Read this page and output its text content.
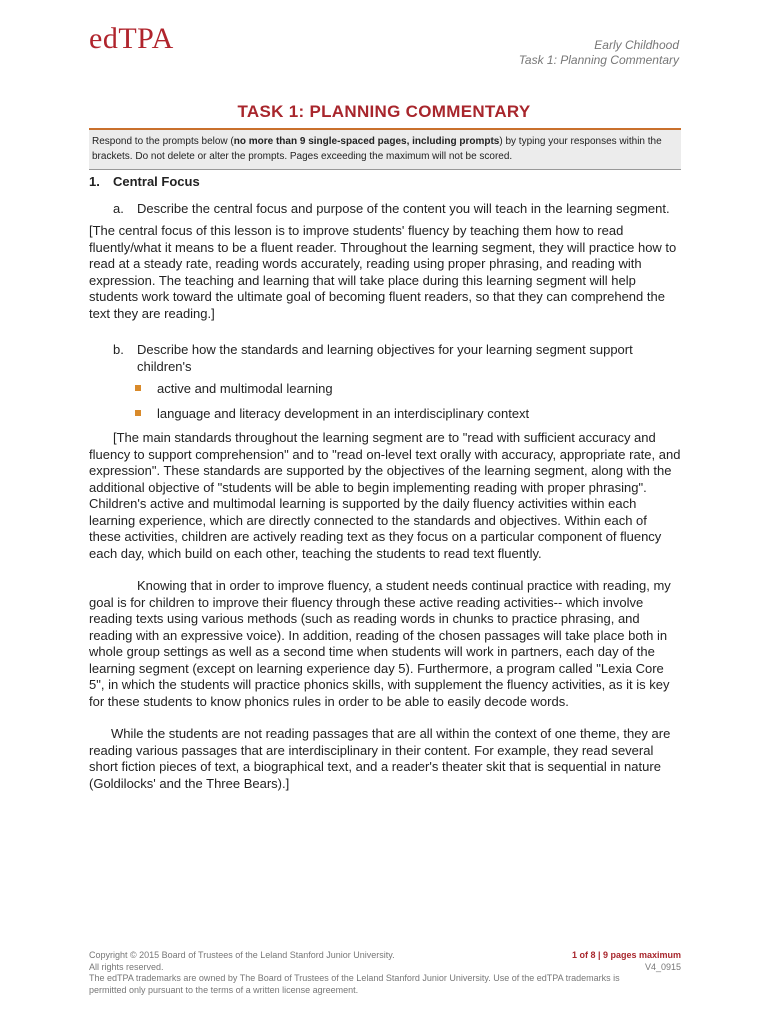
edTPA	Early Childhood
Task 1: Planning Commentary
TASK 1: PLANNING COMMENTARY
Respond to the prompts below (no more than 9 single-spaced pages, including prompts) by typing your responses within the brackets. Do not delete or alter the prompts. Pages exceeding the maximum will not be scored.
1. Central Focus
a. Describe the central focus and purpose of the content you will teach in the learning segment.
[The central focus of this lesson is to improve students' fluency by teaching them how to read fluently/what it means to be a fluent reader. Throughout the learning segment, they will practice how to read at a steady rate, reading words accurately, reading using proper phrasing, and reading with expression. The teaching and learning that will take place during this learning segment will help students work toward the ultimate goal of becoming fluent readers, so that they can comprehend the text they are reading.]
b. Describe how the standards and learning objectives for your learning segment support children's
active and multimodal learning
language and literacy development in an interdisciplinary context
[The main standards throughout the learning segment are to "read with sufficient accuracy and fluency to support comprehension" and to "read on-level text orally with accuracy, appropriate rate, and expression". These standards are supported by the objectives of the learning segment, along with the additional objective of "students will be able to begin implementing reading with proper phrasing". Children's active and multimodal learning is supported by the daily fluency activities within each learning experience, which are directly connected to the standards and objectives. Within each of these activities, children are actively reading text as they focus on a particular component of fluency each day, which build on each other, teaching the students to read text fluently.
Knowing that in order to improve fluency, a student needs continual practice with reading, my goal is for children to improve their fluency through these active reading activities-- which involve reading texts using various methods (such as reading words in chunks to practice phrasing, and reading with an expressive voice). In addition, reading of the chosen passages will take place both in whole group settings as well as a second time when students will work in partners, each day of the learning segment (except on learning experience day 5). Furthermore, a program called "Lexia Core 5", in which the students will practice phonics skills, with supplement the fluency activities, as it is key for these students to know phonics rules in order to be able to easily decode words.
While the students are not reading passages that are all within the context of one theme, they are reading various passages that are interdisciplinary in their content. For example, they read several short fiction pieces of text, a biographical text, and a reader's theater skit that is sequential in nature (Goldilocks' and the Three Bears).]
Copyright © 2015 Board of Trustees of the Leland Stanford Junior University.	1 of 8 | 9 pages maximum
All rights reserved.	V4_0915
The edTPA trademarks are owned by The Board of Trustees of the Leland Stanford Junior University. Use of the edTPA trademarks is
permitted only pursuant to the terms of a written license agreement.
